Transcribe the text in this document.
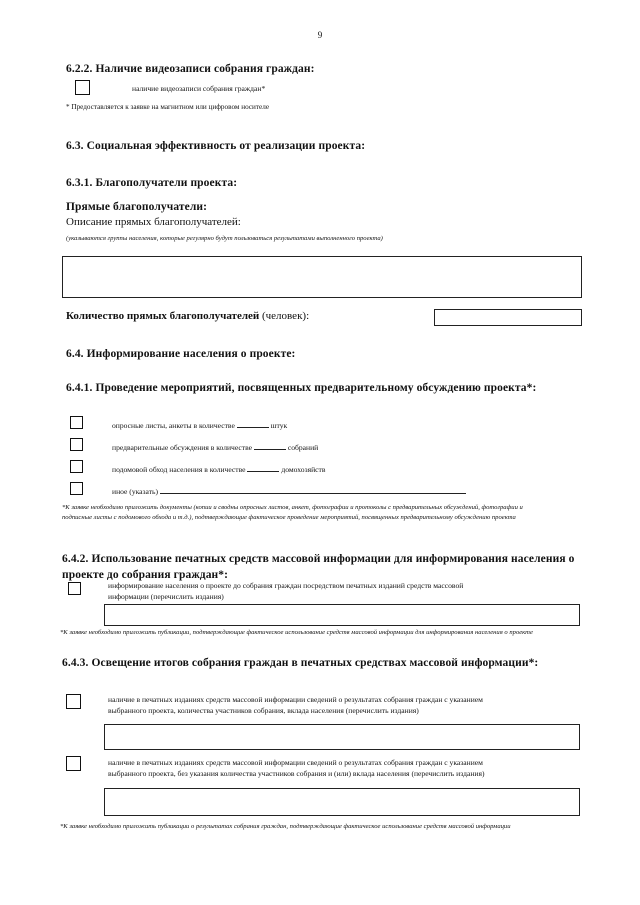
9
6.2.2. Наличие видеозаписи собрания граждан:
наличие видеозаписи собрания граждан*
* Предоставляется к заявке на магнитном или цифровом носителе
6.3. Социальная эффективность от реализации проекта:
6.3.1. Благополучатели проекта:
Прямые благополучатели:
Описание прямых благополучателей:
(указываются группы населения, которые регулярно будут пользоваться результатами выполненного проекта)
Количество прямых благополучателей (человек):
6.4. Информирование населения о проекте:
6.4.1. Проведение мероприятий, посвященных предварительному обсуждению проекта*:
опросные листы, анкеты в количестве	штук
предварительные обсуждения в количестве	собраний
подомовой обход населения в количестве	домохозяйств
иное (указать)
*К заявке необходимо приложить документы (копии и сводны опросных листов, анкет, фотографии и протоколы с предварительных обсуждений, фотографии и подписные листы с подомового обхода и т.д.), подтверждающие фактическое проведение мероприятий, посвященных предварительному обсуждению проекта
6.4.2. Использование печатных средств массовой информации для информирования населения о
проекте до собрания граждан*:
информирование населения о проекте до собрания граждан посредством печатных изданий средств массовой
информации (перечислить издания)
*К заявке необходимо приложить публикации, подтверждающие фактическое использование средств массовой информации для информирования населения о проекте
6.4.3. Освещение итогов собрания граждан в печатных средствах массовой информации*:
наличие в печатных изданиях средств массовой информации сведений о результатах собрания граждан с указанием
выбранного проекта, количества участников собрания, вклада населения (перечислить издания)
наличие в печатных изданиях средств массовой информации сведений о результатах собрания граждан с указанием
выбранного проекта, без указания количества участников собрания и (или) вклада населения (перечислить издания)
*К заявке необходимо приложить публикации о результатах собрания граждан, подтверждающие фактическое использование средств массовой информации
